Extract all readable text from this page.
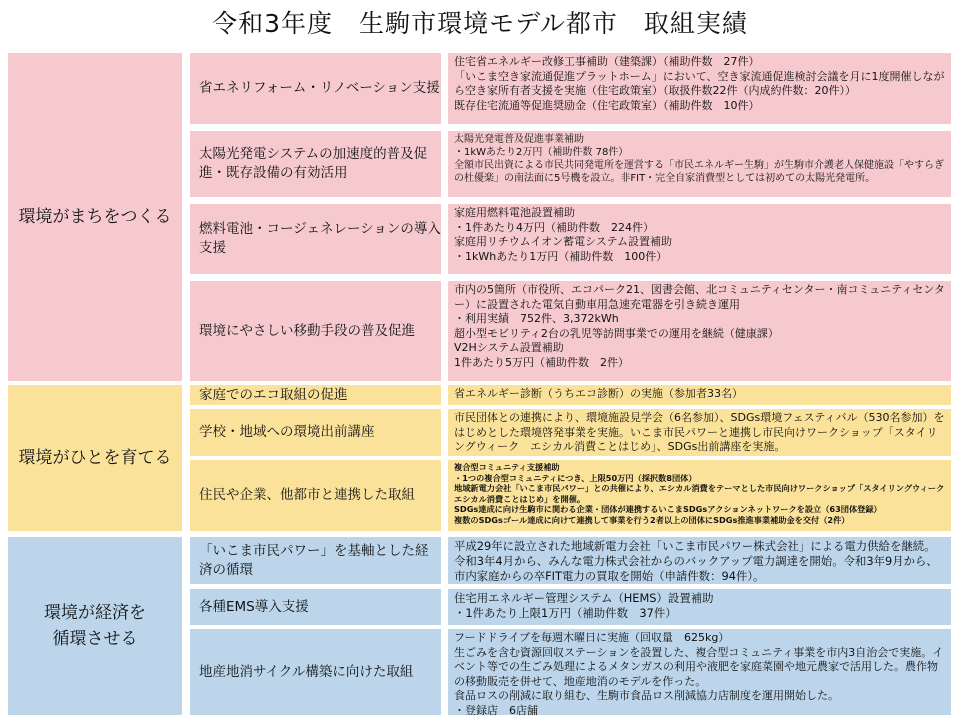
令和3年度　生駒市環境モデル都市　取組実績
環境がまちをつくる
省エネリフォーム・リノベーション支援
住宅省エネルギー改修工事補助（建築課）（補助件数　27件）
「いこま空き家流通促進プラットホーム」において、空き家流通促進検討会議を月に1度開催しながら空き家所有者支援を実施（住宅政策室）（取扱件数22件（内成約件数：20件））
既存住宅流通等促進奨励金（住宅政策室）（補助件数　10件）
太陽光発電システムの加速度的普及促進・既存設備の有効活用
太陽光発電普及促進事業補助
・1kWあたり2万円（補助件数 78件）
全額市民出資による市民共同発電所を運営する「市民エネルギー生駒」が生駒市介護老人保健施設「やすらぎの杜優楽」の南法面に5号機を設立。非FIT・完全自家消費型としては初めての太陽光発電所。
燃料電池・コージェネレーションの導入支援
家庭用燃料電池設置補助
・1件あたり4万円（補助件数　224件）
家庭用リチウムイオン蓄電システム設置補助
・1kWhあたり1万円（補助件数　100件）
環境にやさしい移動手段の普及促進
市内の5箇所（市役所、エコパーク21、図書会館、北コミュニティセンター・南コミュニティセンター）に設置された電気自動車用急速充電器を引き続き運用
・利用実績　752件、3,372kWh
超小型モビリティ2台の乳児等訪問事業での運用を継続（健康課）
V2Hシステム設置補助
1件あたり5万円（補助件数　2件）
環境がひとを育てる
家庭でのエコ取組の促進	省エネルギー診断（うちエコ診断）の実施（参加者33名）
学校・地域への環境出前講座
市民団体との連携により、環境施設見学会（6名参加）、SDGs環境フェスティバル（530名参加）をはじめとした環境啓発事業を実施。いこま市民パワーと連携し市民向けワークショップ「スタイリングウィーク　エシカル消費ことはじめ」、SDGs出前講座を実施。
住民や企業、他都市と連携した取組
複合型コミュニティ支援補助
・1つの複合型コミュニティにつき、上限50万円（採択数8団体）
地域新電力会社「いこま市民パワー」との共催により、エシカル消費をテーマとした市民向けワークショップ「スタイリングウィーク　エシカル消費ことはじめ」を開催。
SDGs達成に向け生駒市に関わる企業・団体が連携するいこまSDGsアクションネットワークを設立（63団体登録）
複数のSDGsゴール達成に向けて連携して事業を行う2者以上の団体にSDGs推進事業補助金を交付（2件）
環境が経済を
循環させる
「いこま市民パワー」を基軸とした経済の循環
平成29年に設立された地域新電力会社「いこま市民パワー株式会社」による電力供給を継続。
令和3年4月から、みんな電力株式会社からのバックアップ電力調達を開始。令和3年9月から、市内家庭からの卒FIT電力の買取を開始（申請件数：94件）。
各種EMS導入支援
住宅用エネルギー管理システム（HEMS）設置補助
・1件あたり上限1万円（補助件数　37件）
地産地消サイクル構築に向けた取組
フードドライブを毎週木曜日に実施（回収量　625kg）
生ごみを含む資源回収ステーションを設置した、複合型コミュニティ事業を市内3自治会で実施。イベント等での生ごみ処理によるメタンガスの利用や液肥を家庭菜園や地元農家で活用した。農作物の移動販売を併せて、地産地消のモデルを作った。
食品ロスの削減に取り組む、生駒市食品ロス削減協力店制度を運用開始した。
・登録店　6店舗
